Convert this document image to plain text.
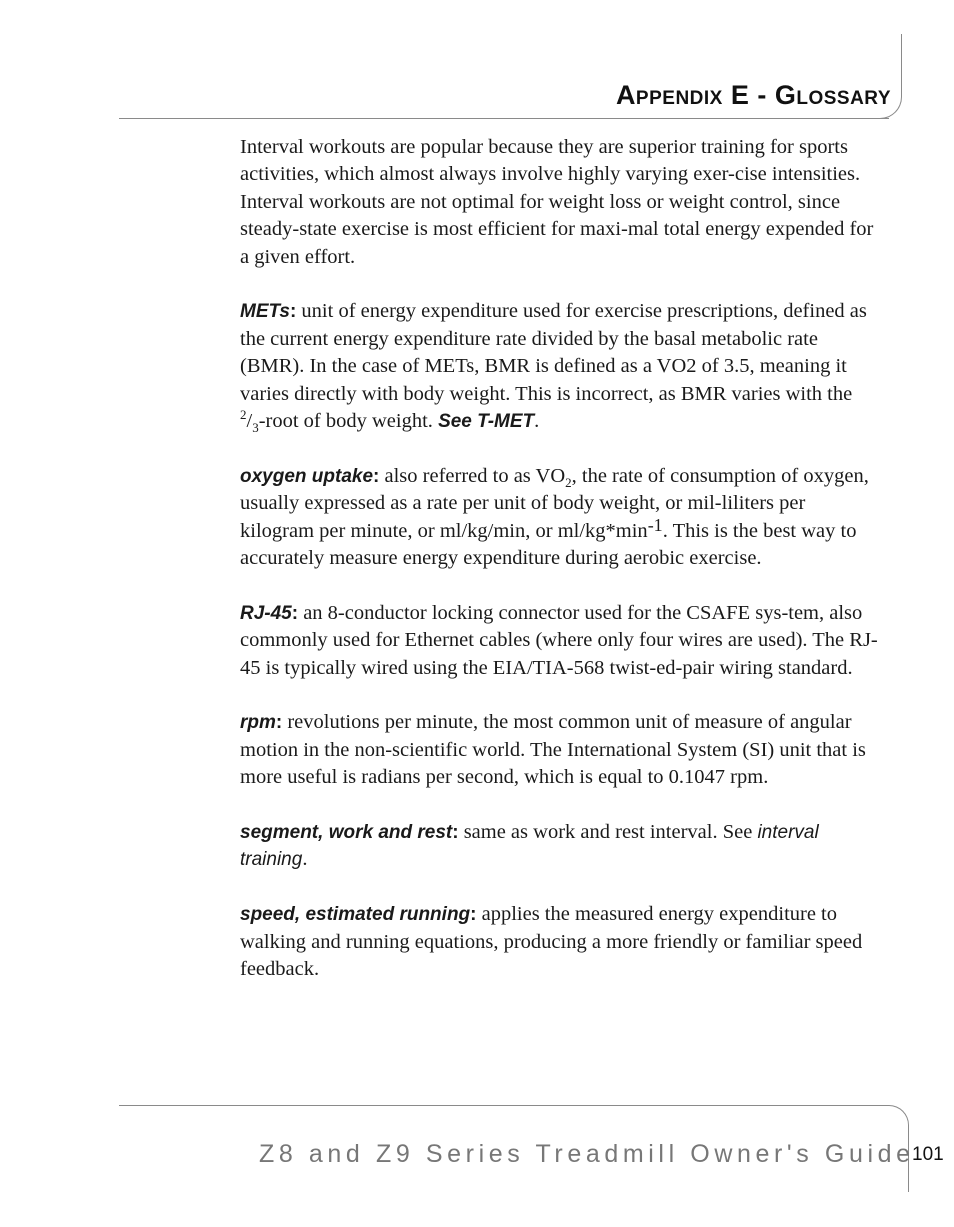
Appendix E - Glossary

Interval workouts are popular because they are superior training for sports activities, which almost always involve highly varying exer-cise intensities. Interval workouts are not optimal for weight loss or weight control, since steady-state exercise is most efficient for maxi-mal total energy expended for a given effort.

METs: unit of energy expenditure used for exercise prescriptions, defined as the current energy expenditure rate divided by the basal metabolic rate (BMR). In the case of METs, BMR is defined as a VO2 of 3.5, meaning it varies directly with body weight. This is incorrect, as BMR varies with the $^2/_3$-root of body weight. See T-MET.

oxygen uptake: also referred to as $VO_2$, the rate of consumption of oxygen, usually expressed as a rate per unit of body weight, or mil-liliters per kilogram per minute, or ml/kg/min, or ml/kg*min-1. This is the best way to accurately measure energy expenditure during aerobic exercise.

RJ-45: an 8-conductor locking connector used for the CSAFE sys-tem, also commonly used for Ethernet cables (where only four wires are used). The RJ-45 is typically wired using the EIA/TIA-568 twist-ed-pair wiring standard.

rpm: revolutions per minute, the most common unit of measure of angular motion in the non-scientific world. The International System (SI) unit that is more useful is radians per second, which is equal to 0.1047 rpm.

segment, work and rest: same as work and rest interval. See interval training.

speed, estimated running: applies the measured energy expenditure to walking and running equations, producing a more friendly or familiar speed feedback.

Z8 and Z9 Series Treadmill Owner's Guide
101
